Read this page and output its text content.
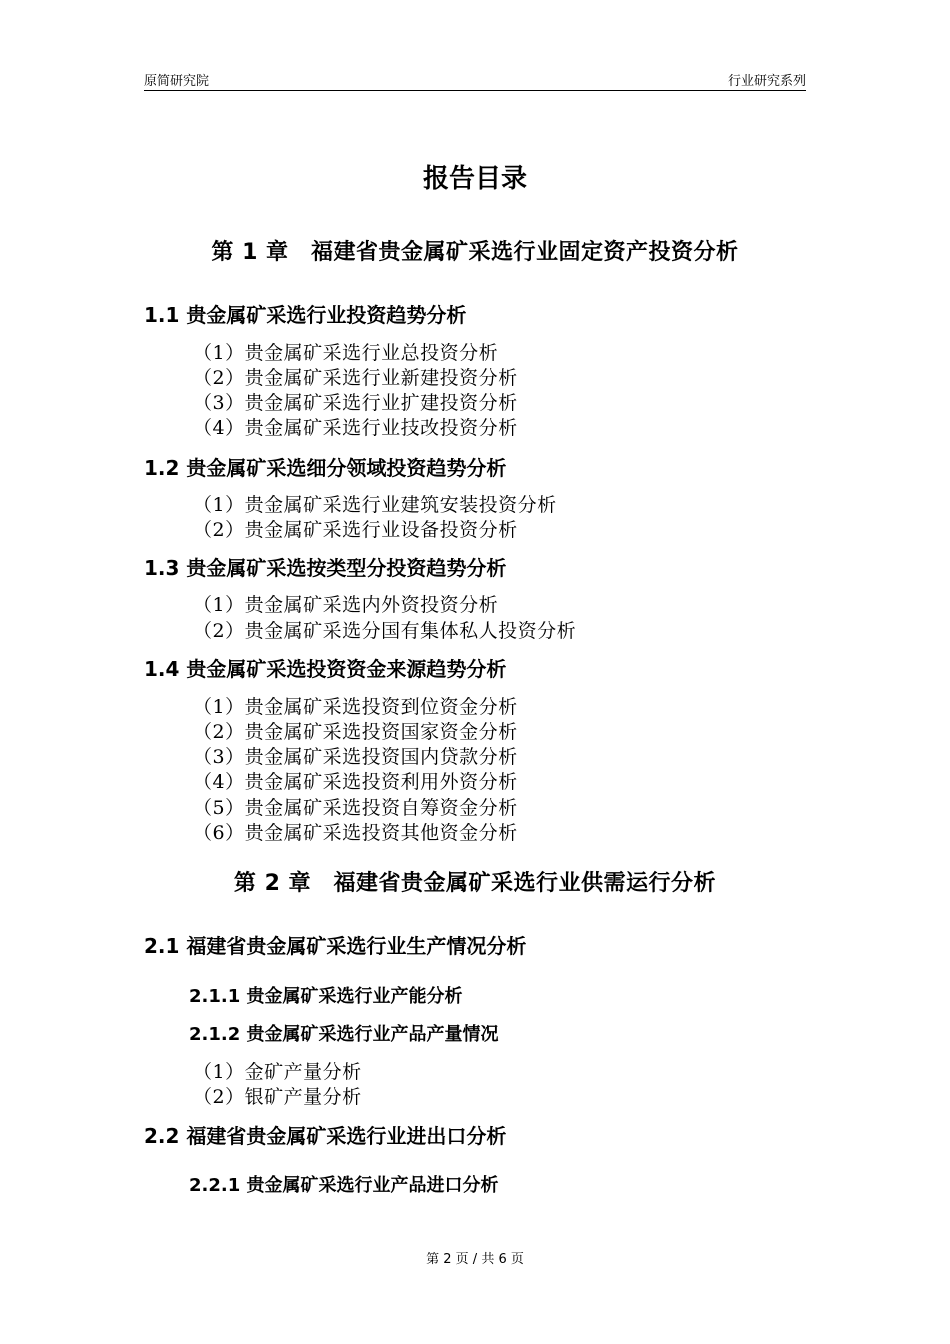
原简研究院	行业研究系列
报告目录
第 1 章　福建省贵金属矿采选行业固定资产投资分析
1.1 贵金属矿采选行业投资趋势分析
（1）贵金属矿采选行业总投资分析
（2）贵金属矿采选行业新建投资分析
（3）贵金属矿采选行业扩建投资分析
（4）贵金属矿采选行业技改投资分析
1.2 贵金属矿采选细分领域投资趋势分析
（1）贵金属矿采选行业建筑安装投资分析
（2）贵金属矿采选行业设备投资分析
1.3 贵金属矿采选按类型分投资趋势分析
（1）贵金属矿采选内外资投资分析
（2）贵金属矿采选分国有集体私人投资分析
1.4 贵金属矿采选投资资金来源趋势分析
（1）贵金属矿采选投资到位资金分析
（2）贵金属矿采选投资国家资金分析
（3）贵金属矿采选投资国内贷款分析
（4）贵金属矿采选投资利用外资分析
（5）贵金属矿采选投资自筹资金分析
（6）贵金属矿采选投资其他资金分析
第 2 章　福建省贵金属矿采选行业供需运行分析
2.1 福建省贵金属矿采选行业生产情况分析
2.1.1 贵金属矿采选行业产能分析
2.1.2 贵金属矿采选行业产品产量情况
（1）金矿产量分析
（2）银矿产量分析
2.2 福建省贵金属矿采选行业进出口分析
2.2.1 贵金属矿采选行业产品进口分析
第 2 页 / 共 6 页
